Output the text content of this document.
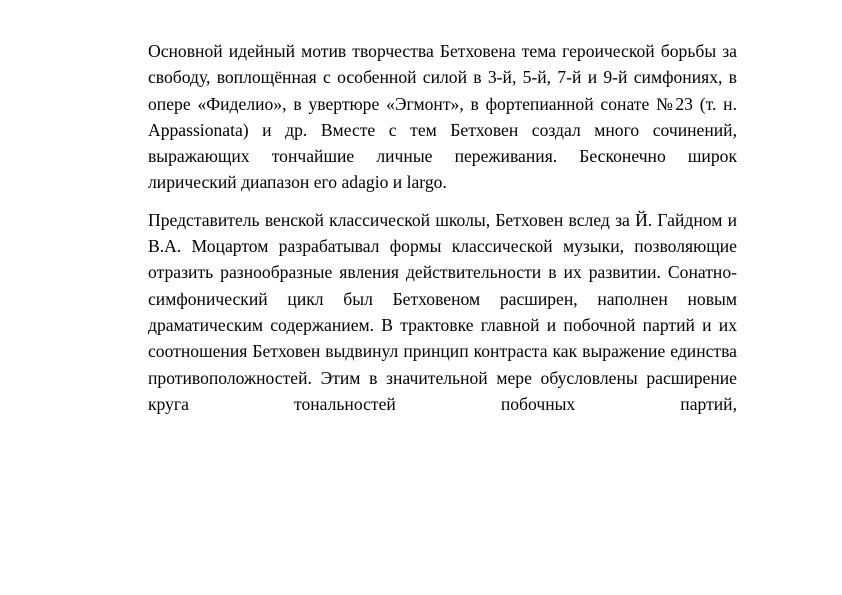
Основной идейный мотив творчества Бетховена тема героической борьбы за свободу, воплощённая с особенной силой в 3-й, 5-й, 7-й и 9-й симфониях, в опере «Фиделио», в увертюре «Эгмонт», в фортепианной сонате №23 (т. н. Appassionata) и др. Вместе с тем Бетховен создал много сочинений, выражающих тончайшие личные переживания. Бесконечно широк лирический диапазон его adagio и largo.

Представитель венской классической школы, Бетховен вслед за Й. Гайдном и В.А. Моцартом разрабатывал формы классической музыки, позволяющие отразить разнообразные явления действительности в их развитии. Сонатно-симфонический цикл был Бетховеном расширен, наполнен новым драматическим содержанием. В трактовке главной и побочной партий и их соотношения Бетховен выдвинул принцип контраста как выражение единства противоположностей. Этим в значительной мере обусловлены расширение круга тональностей побочных партий,
